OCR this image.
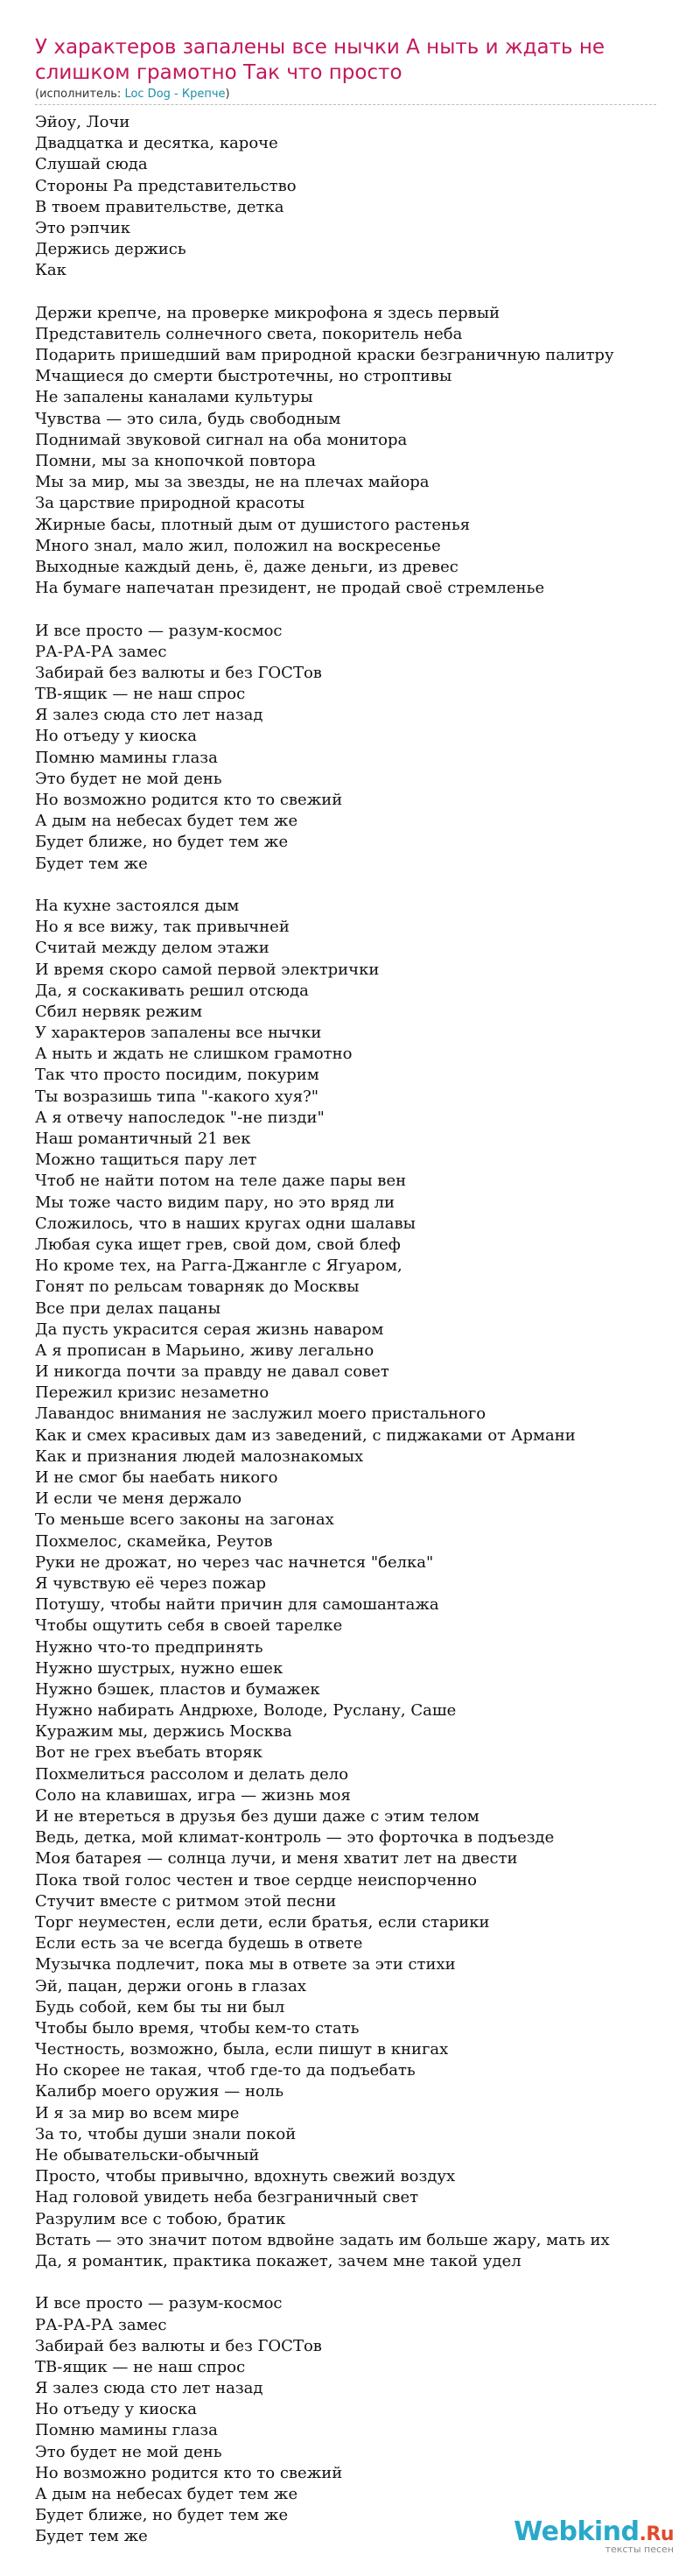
У характеров запалены все нычки А ныть и ждать не слишком грамотно Так что просто
(исполнитель: Loc Dog - Крепче)
Эйоу, Лочи
Двадцатка и десятка, кароче
Слушай сюда
Стороны Ра представительство
В твоем правительстве, детка
Это рэпчик
Держись держись
Как
Держи крепче, на проверке микрофона я здесь первый
Представитель солнечного света, покоритель неба
Подарить пришедший вам природной краски безграничную палитру
Мчащиеся до смерти быстротечны, но строптивы
Не запалены каналами культуры
Чувства — это сила, будь свободным
Поднимай звуковой сигнал на оба монитора
Помни, мы за кнопочкой повтора
Мы за мир, мы за звезды, не на плечах майора
За царствие природной красоты
Жирные басы, плотный дым от душистого растенья
Много знал, мало жил, положил на воскресенье
Выходные каждый день, ё, даже деньги, из древес
На бумаге напечатан президент, не продай своё стремленье
И все просто — разум-космос
РА-РА-РА замес
Забирай без валюты и без ГОСТов
ТВ-ящик — не наш спрос
Я залез сюда сто лет назад
Но отъеду у киоска
Помню мамины глаза
Это будет не мой день
Но возможно родится кто то свежий
А дым на небесах будет тем же
Будет ближе, но будет тем же
Будет тем же
На кухне застоялся дым
Но я все вижу, так привычней
Считай между делом этажи
И время скоро самой первой электрички
Да, я соскакивать решил отсюда
Сбил нервяк режим
У характеров запалены все нычки
А ныть и ждать не слишком грамотно
Так что просто посидим, покурим
Ты возразишь типа "-какого хуя?"
А я отвечу напоследок "-не пизди"
Наш романтичный 21 век
Можно тащиться пару лет
Чтоб не найти потом на теле даже пары вен
Мы тоже часто видим пару, но это вряд ли
Сложилось, что в наших кругах одни шалавы
Любая сука ищет грев, свой дом, свой блеф
Но кроме тех, на Рагга-Джангле с Ягуаром,
Гонят по рельсам товарняк до Москвы
Все при делах пацаны
Да пусть украсится серая жизнь наваром
А я прописан в Марьино, живу легально
И никогда почти за правду не давал совет
Пережил кризис незаметно
Лавандос внимания не заслужил моего пристального
Как и смех красивых дам из заведений, с пиджаками от Армани
Как и признания людей малознакомых
И не смог бы наебать никого
И если че меня держало
То меньше всего законы на загонах
Похмелос, скамейка, Реутов
Руки не дрожат, но через час начнется "белка"
Я чувствую её через пожар
Потушу, чтобы найти причин для самошантажа
Чтобы ощутить себя в своей тарелке
Нужно что-то предпринять
Нужно шустрых, нужно ешек
Нужно бэшек, пластов и бумажек
Нужно набирать Андрюхе, Володе, Руслану, Саше
Куражим мы, держись Москва
Вот не грех въебать вторяк
Похмелиться рассолом и делать дело
Соло на клавишах, игра — жизнь моя
И не втереться в друзья без души даже с этим телом
Ведь, детка, мой климат-контроль — это форточка в подъезде
Моя батарея — солнца лучи, и меня хватит лет на двести
Пока твой голос честен и твое сердце неиспорченно
Стучит вместе с ритмом этой песни
Торг неуместен, если дети, если братья, если старики
Если есть за че всегда будешь в ответе
Музычка подлечит, пока мы в ответе за эти стихи
Эй, пацан, держи огонь в глазах
Будь собой, кем бы ты ни был
Чтобы было время, чтобы кем-то стать
Честность, возможно, была, если пишут в книгах
Но скорее не такая, чтоб где-то да подъебать
Калибр моего оружия — ноль
И я за мир во всем мире
За то, чтобы души знали покой
Не обывательски-обычный
Просто, чтобы привычно, вдохнуть свежий воздух
Над головой увидеть неба безграничный свет
Разрулим все с тобою, братик
Встать — это значит потом вдвойне задать им больше жару, мать их
Да, я романтик, практика покажет, зачем мне такой удел
И все просто — разум-космос
РА-РА-РА замес
Забирай без валюты и без ГОСТов
ТВ-ящик — не наш спрос
Я залез сюда сто лет назад
Но отъеду у киоска
Помню мамины глаза
Это будет не мой день
Но возможно родится кто то свежий
А дым на небесах будет тем же
Будет ближе, но будет тем же
Будет тем же	Webkind.Ru
тексты песен
